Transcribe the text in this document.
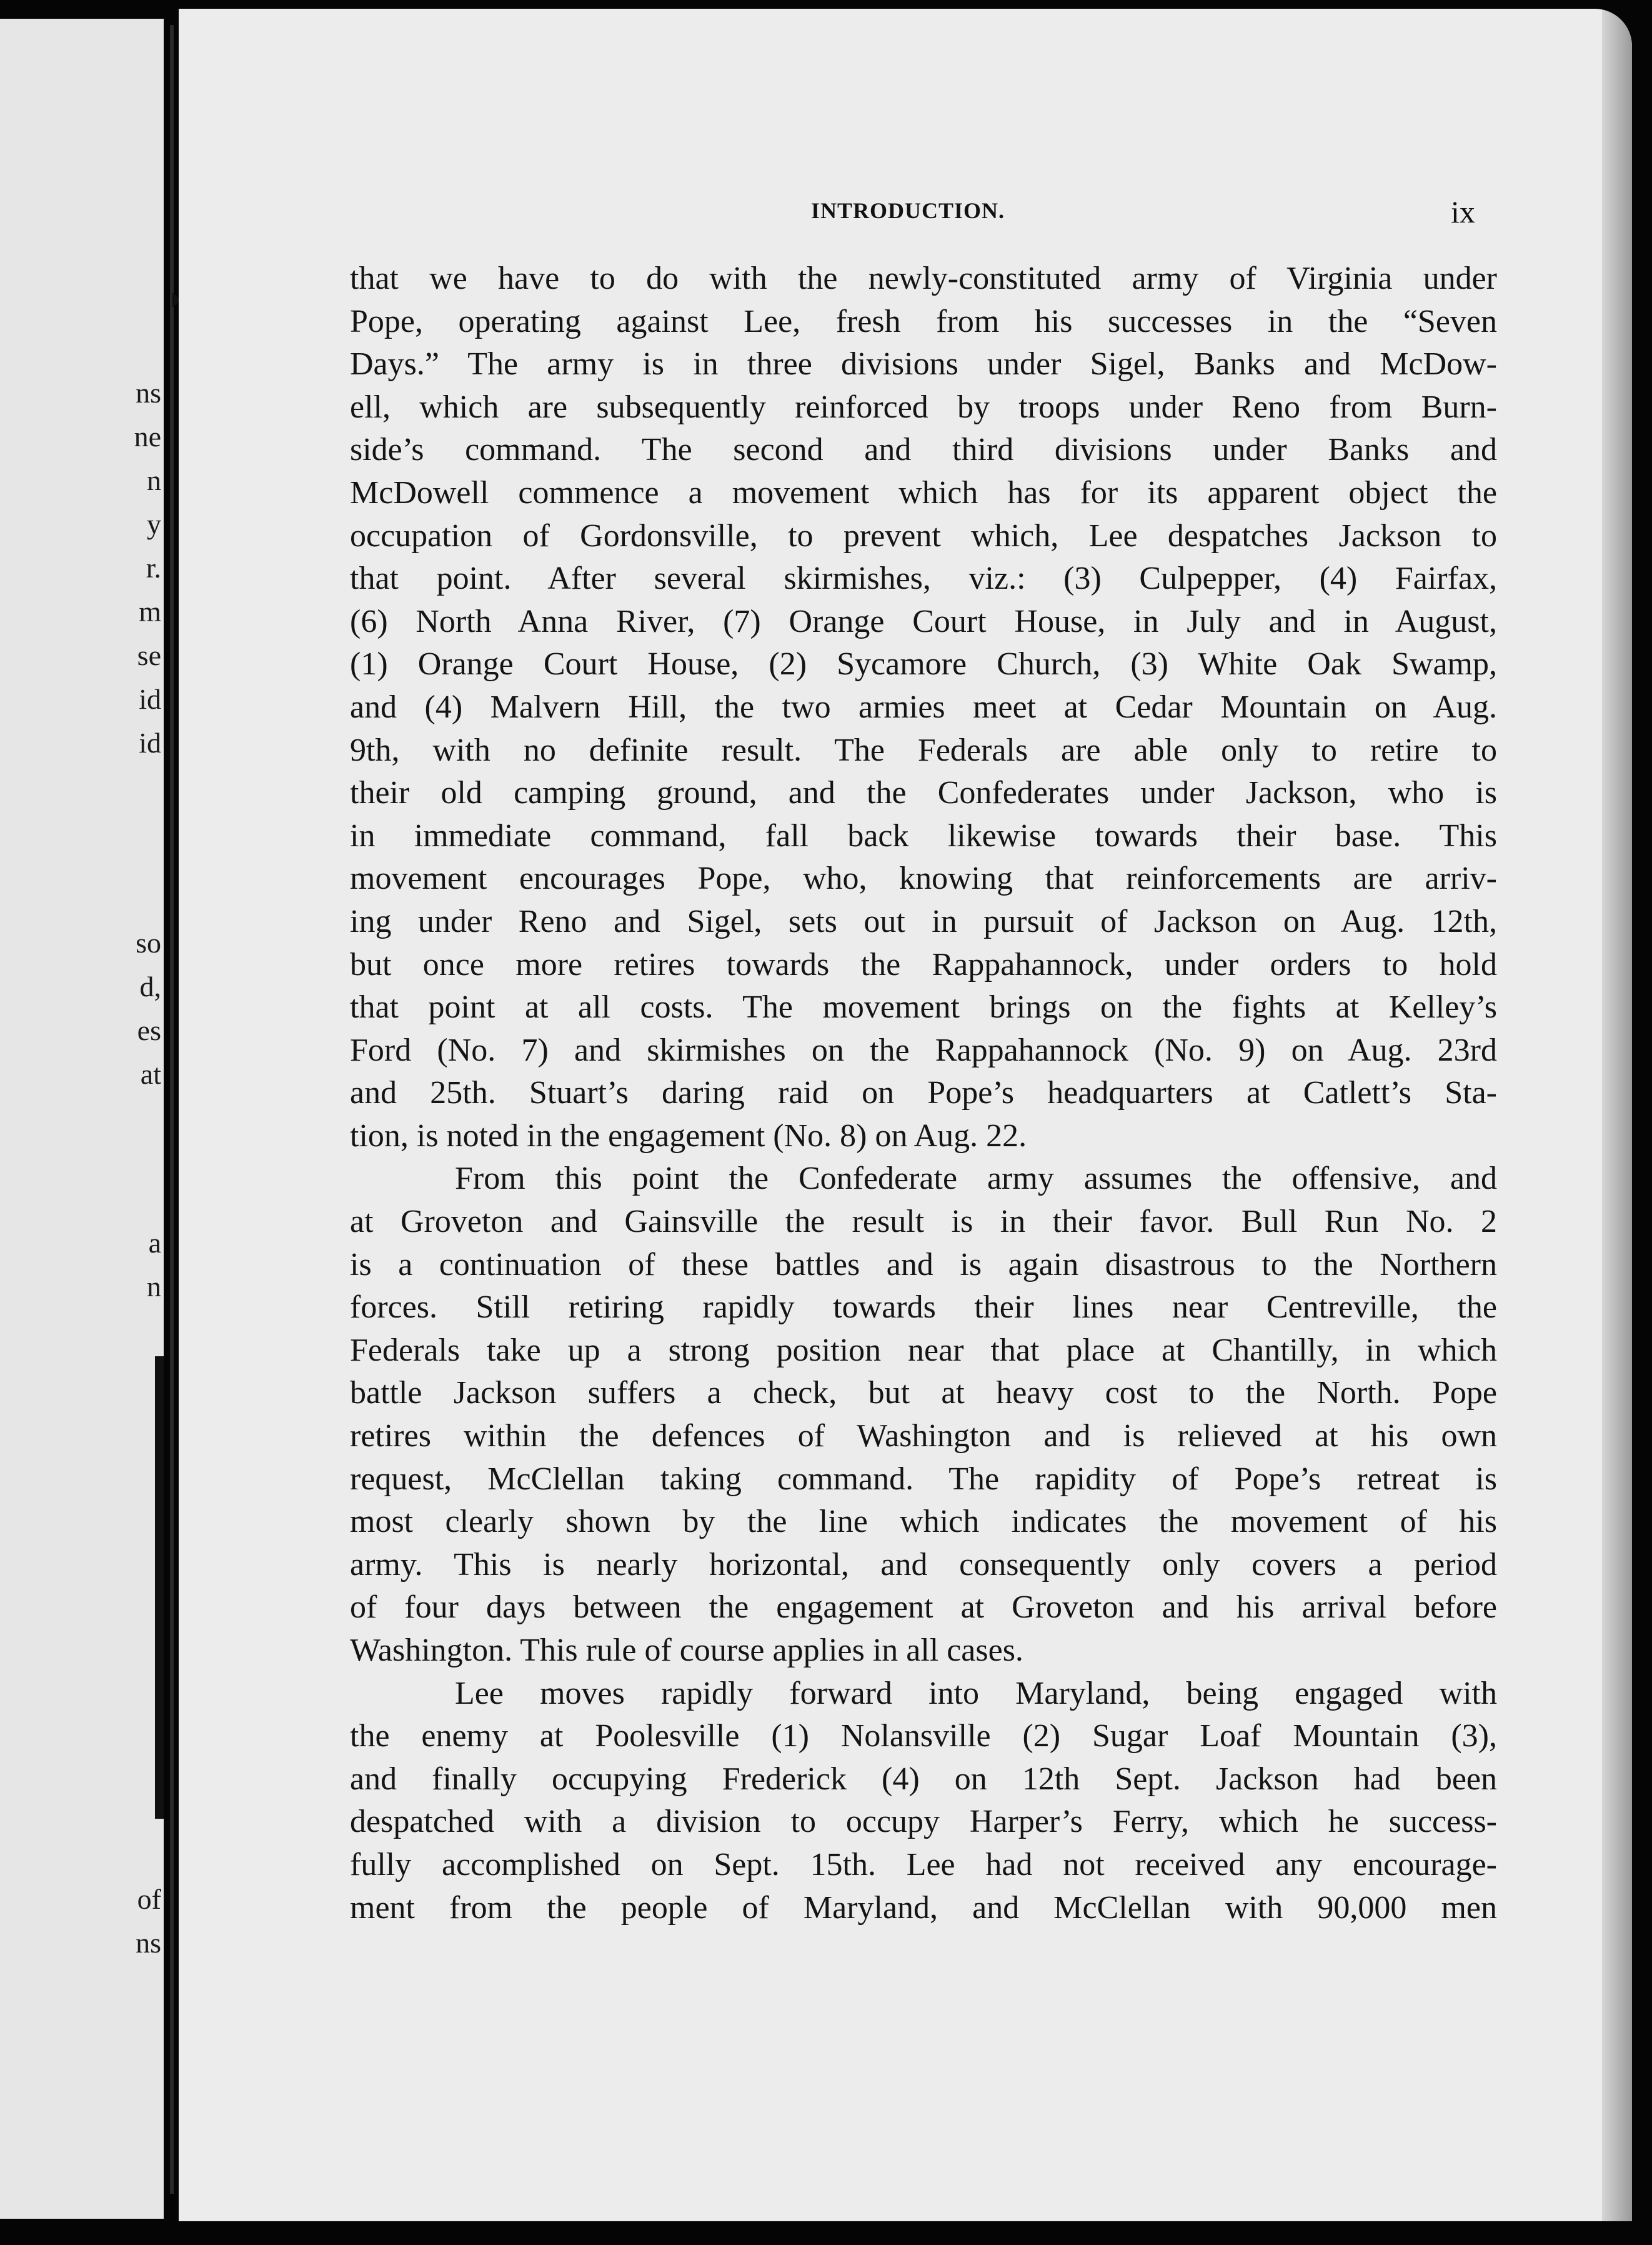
ns
ne
n
y
r.
m
se
id
id
so
d,
es
at
a
n
of
ns
INTRODUCTION.	ix
that we have to do with the newly-constituted army of Virginia under
Pope, operating against Lee, fresh from his successes in the “Seven
Days.” The army is in three divisions under Sigel, Banks and McDow-
ell, which are subsequently reinforced by troops under Reno from Burn-
side’s command. The second and third divisions under Banks and
McDowell commence a movement which has for its apparent object the
occupation of Gordonsville, to prevent which, Lee despatches Jackson to
that point. After several skirmishes, viz.: (3) Culpepper, (4) Fairfax,
(6) North Anna River, (7) Orange Court House, in July and in August,
(1) Orange Court House, (2) Sycamore Church, (3) White Oak Swamp,
and (4) Malvern Hill, the two armies meet at Cedar Mountain on Aug.
9th, with no definite result. The Federals are able only to retire to
their old camping ground, and the Confederates under Jackson, who is
in immediate command, fall back likewise towards their base. This
movement encourages Pope, who, knowing that reinforcements are arriv-
ing under Reno and Sigel, sets out in pursuit of Jackson on Aug. 12th,
but once more retires towards the Rappahannock, under orders to hold
that point at all costs. The movement brings on the fights at Kelley’s
Ford (No. 7) and skirmishes on the Rappahannock (No. 9) on Aug. 23rd
and 25th. Stuart’s daring raid on Pope’s headquarters at Catlett’s Sta-
tion, is noted in the engagement (No. 8) on Aug. 22.
From this point the Confederate army assumes the offensive, and
at Groveton and Gainsville the result is in their favor. Bull Run No. 2
is a continuation of these battles and is again disastrous to the Northern
forces. Still retiring rapidly towards their lines near Centreville, the
Federals take up a strong position near that place at Chantilly, in which
battle Jackson suffers a check, but at heavy cost to the North. Pope
retires within the defences of Washington and is relieved at his own
request, McClellan taking command. The rapidity of Pope’s retreat is
most clearly shown by the line which indicates the movement of his
army. This is nearly horizontal, and consequently only covers a period
of four days between the engagement at Groveton and his arrival before
Washington. This rule of course applies in all cases.
Lee moves rapidly forward into Maryland, being engaged with
the enemy at Poolesville (1) Nolansville (2) Sugar Loaf Mountain (3),
and finally occupying Frederick (4) on 12th Sept. Jackson had been
despatched with a division to occupy Harper’s Ferry, which he success-
fully accomplished on Sept. 15th. Lee had not received any encourage-
ment from the people of Maryland, and McClellan with 90,000 men
